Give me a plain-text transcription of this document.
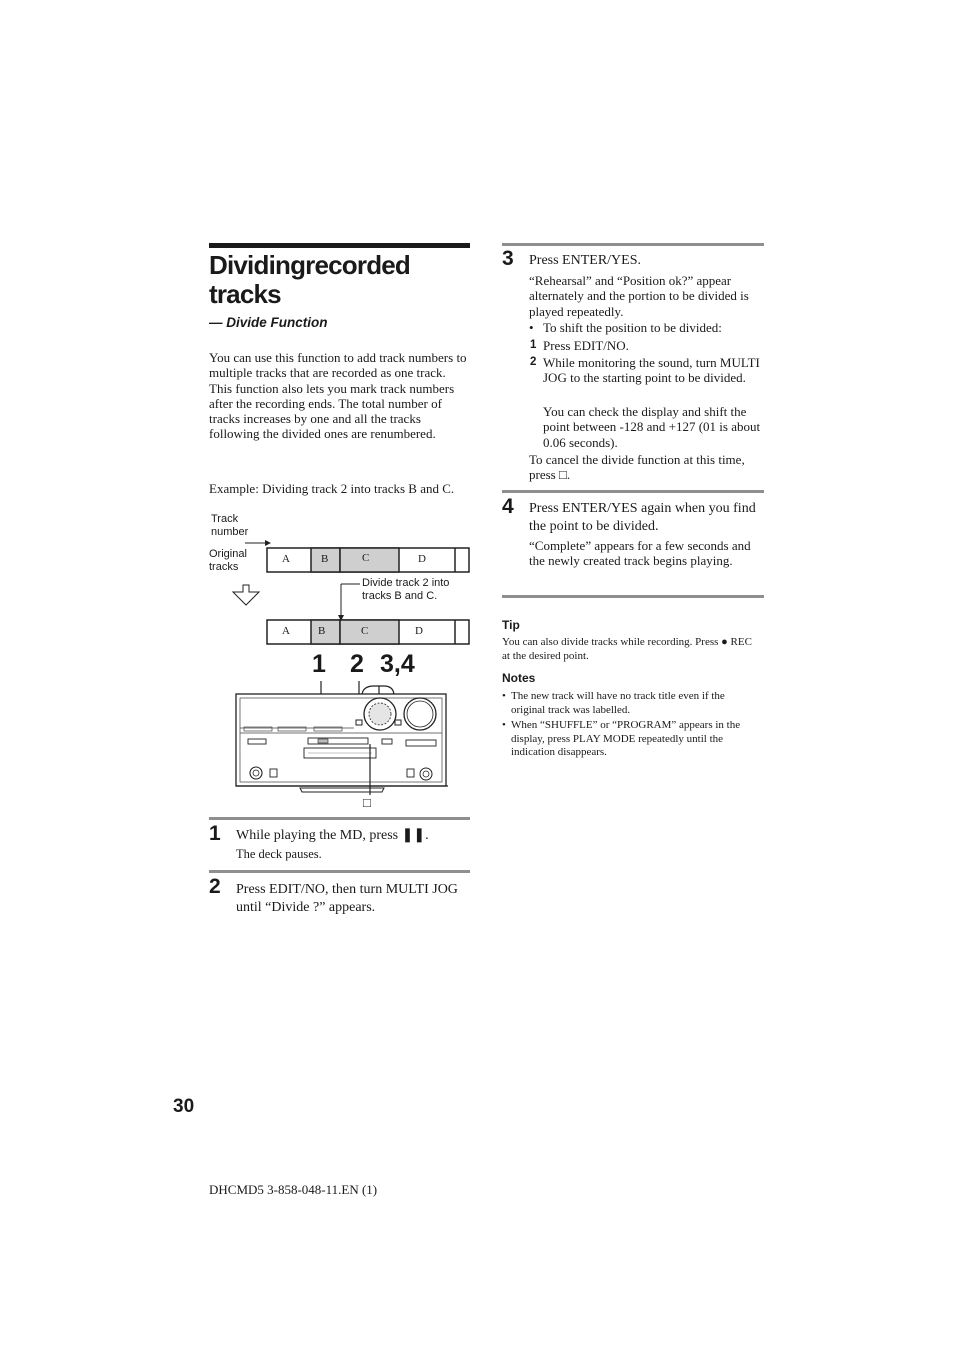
Dividingrecorded
tracks
— Divide Function
You can use this function to add track numbers to multiple tracks that are recorded as one track. This function also lets you mark track numbers after the recording ends. The total number of tracks increases by one and all the tracks following the divided ones are renumbered.
Example: Dividing track 2 into tracks B and C.
Track number
Original tracks
A	B	C	D
Divide track 2 into tracks B and C.
A	B	C	D
1 2 3,4
□
1 While playing the MD, press ❚❚.
The deck pauses.
2 Press EDIT/NO, then turn MULTI JOG until “Divide ?” appears.
3 Press ENTER/YES.
“Rehearsal” and “Position ok?” appear alternately and the portion to be divided is played repeatedly.
• To shift the position to be divided:
1 Press EDIT/NO.
2 While monitoring the sound, turn MULTI JOG to the starting point to be divided.
You can check the display and shift the point between -128 and +127 (01 is about 0.06 seconds).
To cancel the divide function at this time, press □.
4 Press ENTER/YES again when you find the point to be divided.
“Complete” appears for a few seconds and the newly created track begins playing.
Tip
You can also divide tracks while recording. Press ● REC at the desired point.
Notes
• The new track will have no track title even if the original track was labelled.
• When “SHUFFLE” or “PROGRAM” appears in the display, press PLAY MODE repeatedly until the indication disappears.
30
DHCMD5 3-858-048-11.EN (1)
